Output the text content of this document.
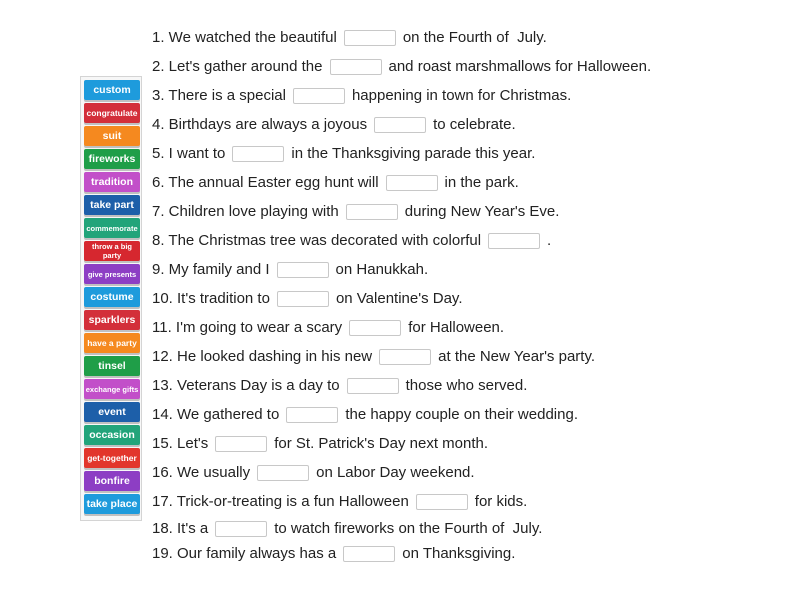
custom
congratulate
suit
fireworks
tradition
take part
commemorate
throw a big party
give presents
costume
sparklers
have a party
tinsel
exchange gifts
event
occasion
get-together
bonfire
take place
1. We watched the beautiful	on the Fourth of  July.
2. Let's gather around the	and roast marshmallows for Halloween.
3. There is a special	happening in town for Christmas.
4. Birthdays are always a joyous	to celebrate.
5. I want to	in the Thanksgiving parade this year.
6. The annual Easter egg hunt will	in the park.
7. Children love playing with	during New Year's Eve.
8. The Christmas tree was decorated with colorful	.
9. My family and I	on Hanukkah.
10. It's tradition to	on Valentine's Day.
11. I'm going to wear a scary	for Halloween.
12. He looked dashing in his new	at the New Year's party.
13. Veterans Day is a day to	those who served.
14. We gathered to	the happy couple on their wedding.
15. Let's	for St. Patrick's Day next month.
16. We usually	on Labor Day weekend.
17. Trick-or-treating is a fun Halloween	for kids.
18. It's a	to watch fireworks on the Fourth of  July.
19. Our family always has a	on Thanksgiving.
